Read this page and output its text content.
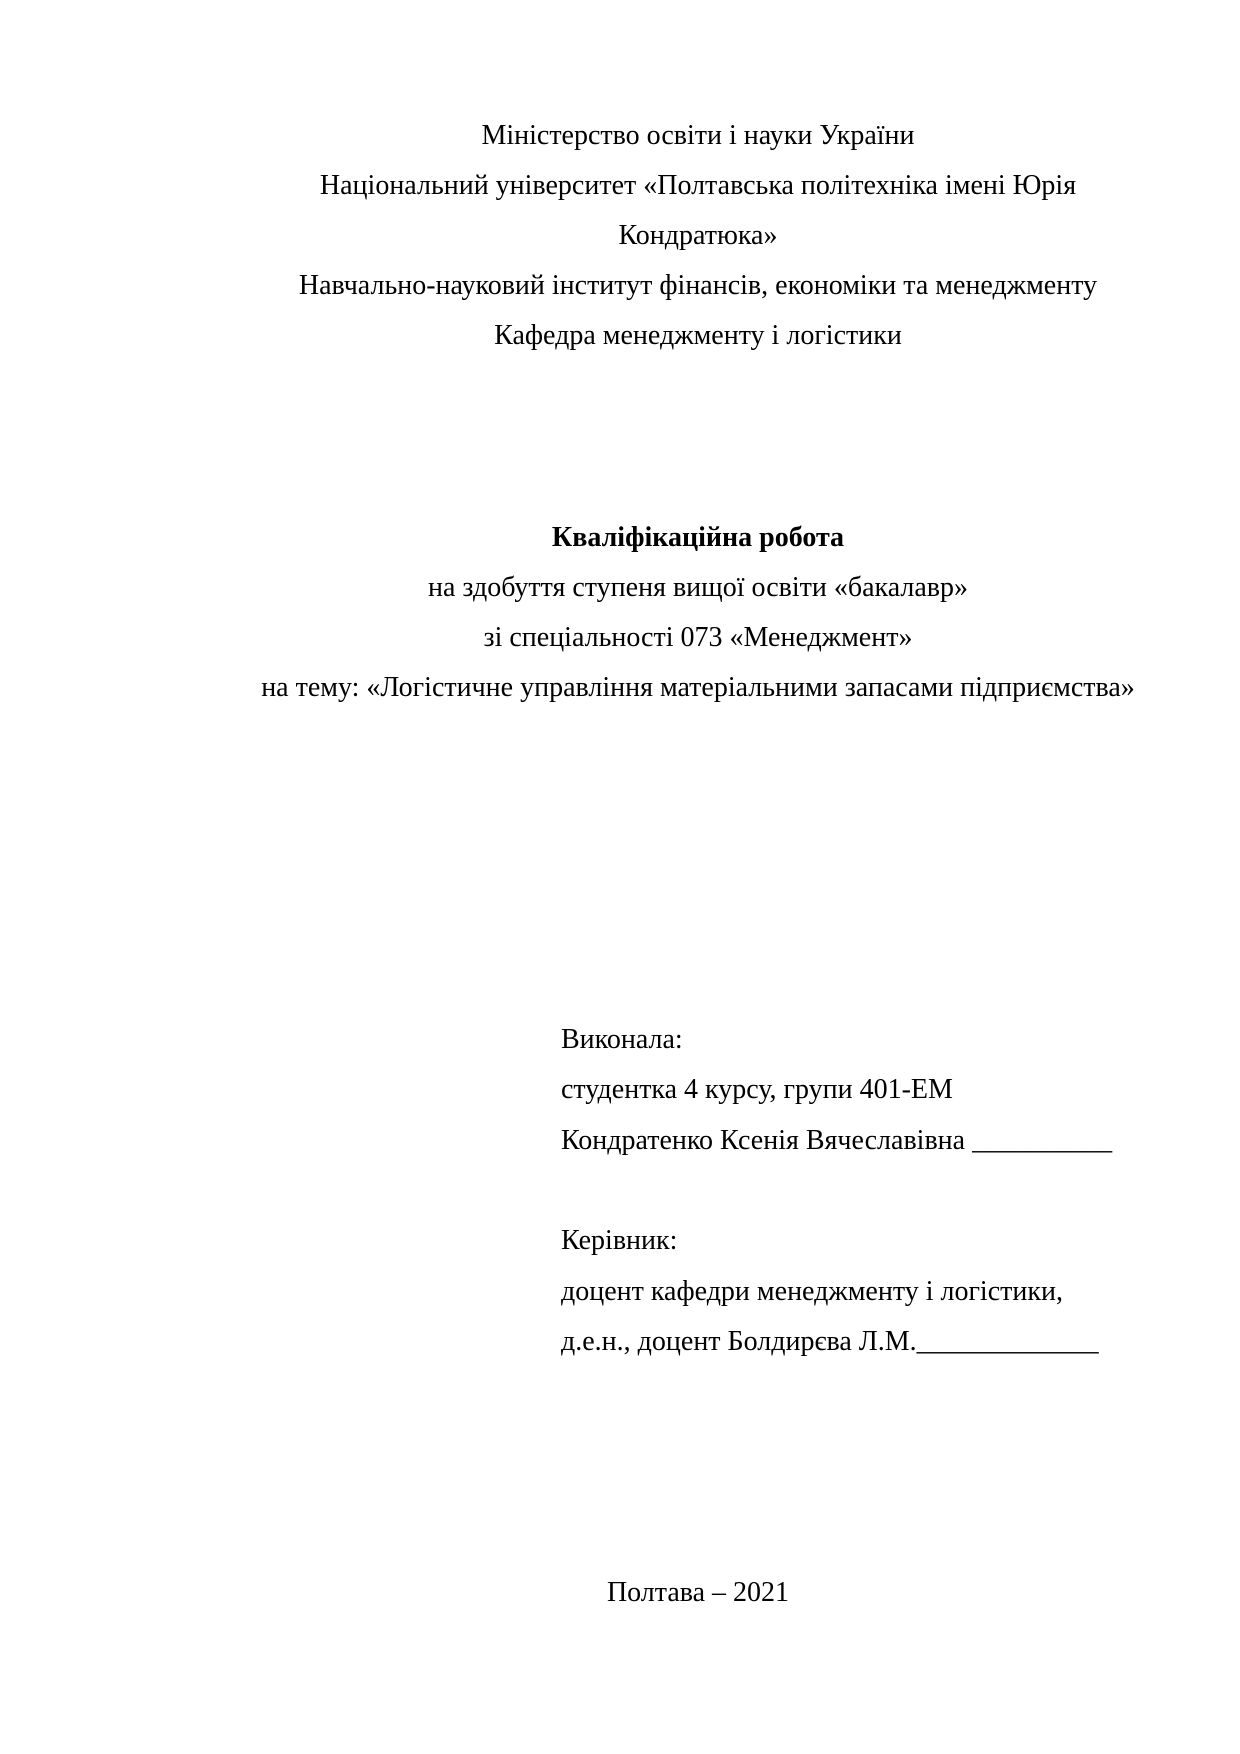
Міністерство освіти і науки України
Національний університет «Полтавська політехніка імені Юрія
Кондратюка»
Навчально-науковий інститут фінансів, економіки та менеджменту
Кафедра менеджменту і логістики
Кваліфікаційна робота
на здобуття ступеня вищої освіти «бакалавр»
зі спеціальності 073 «Менеджмент»
на тему: «Логістичне управління матеріальними запасами підприємства»
Виконала:
студентка 4 курсу, групи 401-ЕМ
Кондратенко Ксенія Вячеславівна __________
Керівник:
доцент кафедри менеджменту і логістики,
д.е.н., доцент Болдирєва Л.М._____________
Полтава – 2021
